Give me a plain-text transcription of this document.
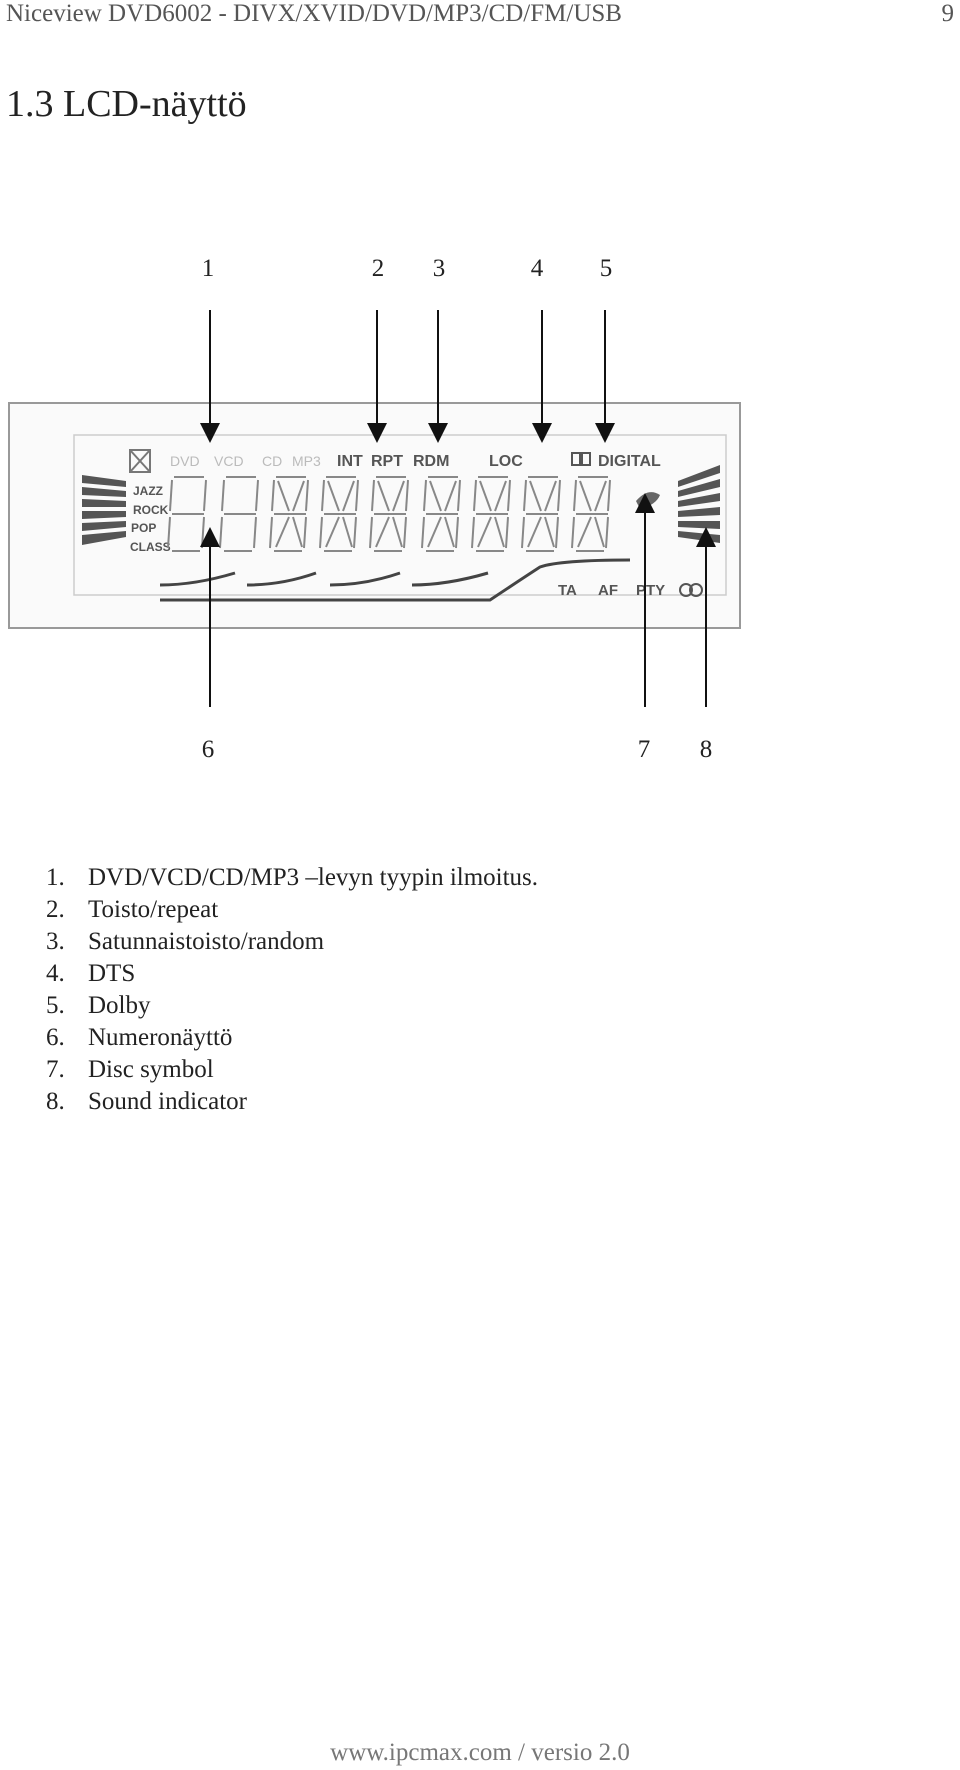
Niceview DVD6002 - DIVX/XVID/DVD/MP3/CD/FM/USB	9
1.3 LCD-näyttö
1	2 3	4 5
6	7 8
DVD VCD CD MP3 INT RPT RDM LOC	DIGITAL
JAZZ
ROCK
POP
CLASS
TA AF PTY
1. DVD/VCD/CD/MP3 –levyn tyypin ilmoitus.
2. Toisto/repeat
3. Satunnaistoisto/random
4. DTS
5. Dolby
6. Numeronäyttö
7. Disc symbol
8. Sound indicator
www.ipcmax.com / versio 2.0
